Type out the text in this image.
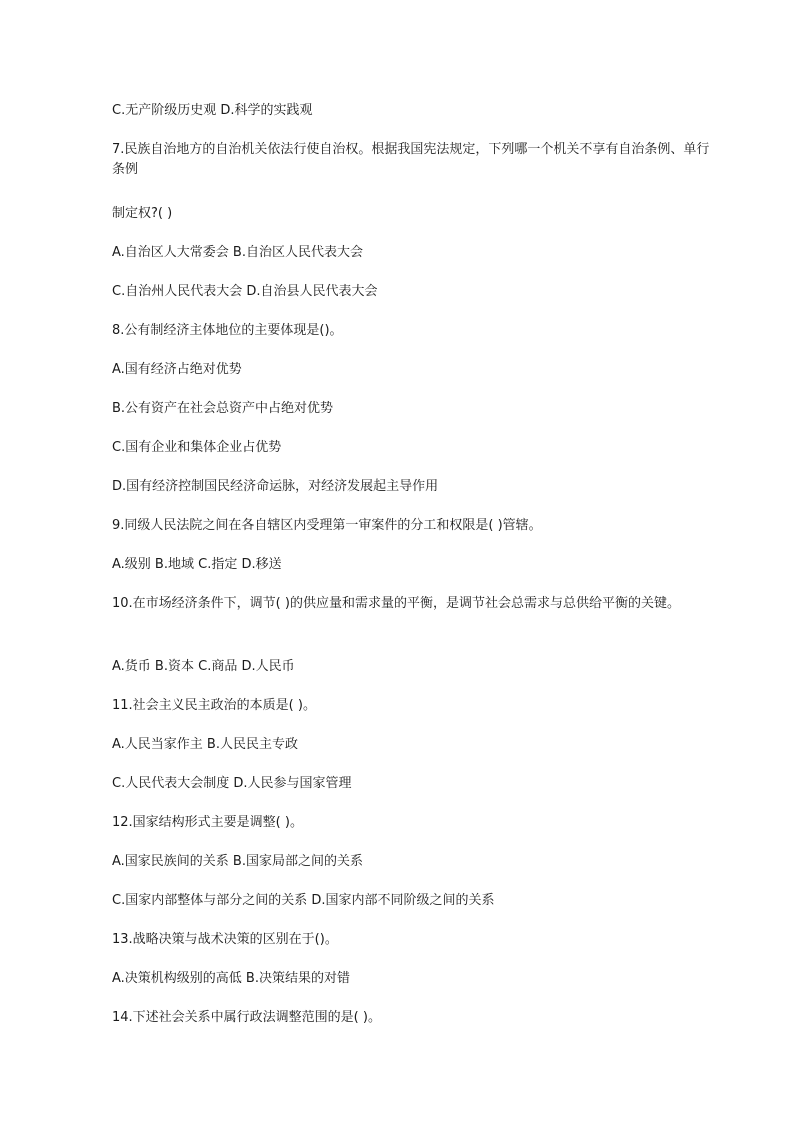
C.无产阶级历史观 D.科学的实践观
7.民族自治地方的自治机关依法行使自治权。根据我国宪法规定，下列哪一个机关不享有自治条例、单行条例
制定权?( )
A.自治区人大常委会 B.自治区人民代表大会
C.自治州人民代表大会 D.自治县人民代表大会
8.公有制经济主体地位的主要体现是()。
A.国有经济占绝对优势
B.公有资产在社会总资产中占绝对优势
C.国有企业和集体企业占优势
D.国有经济控制国民经济命运脉，对经济发展起主导作用
9.同级人民法院之间在各自辖区内受理第一审案件的分工和权限是( )管辖。
A.级别 B.地域 C.指定 D.移送
10.在市场经济条件下，调节( )的供应量和需求量的平衡，是调节社会总需求与总供给平衡的关键。
A.货币 B.资本 C.商品 D.人民币
11.社会主义民主政治的本质是( )。
A.人民当家作主 B.人民民主专政
C.人民代表大会制度 D.人民参与国家管理
12.国家结构形式主要是调整( )。
A.国家民族间的关系 B.国家局部之间的关系
C.国家内部整体与部分之间的关系 D.国家内部不同阶级之间的关系
13.战略决策与战术决策的区别在于()。
A.决策机构级别的高低 B.决策结果的对错
14.下述社会关系中属行政法调整范围的是( )。
